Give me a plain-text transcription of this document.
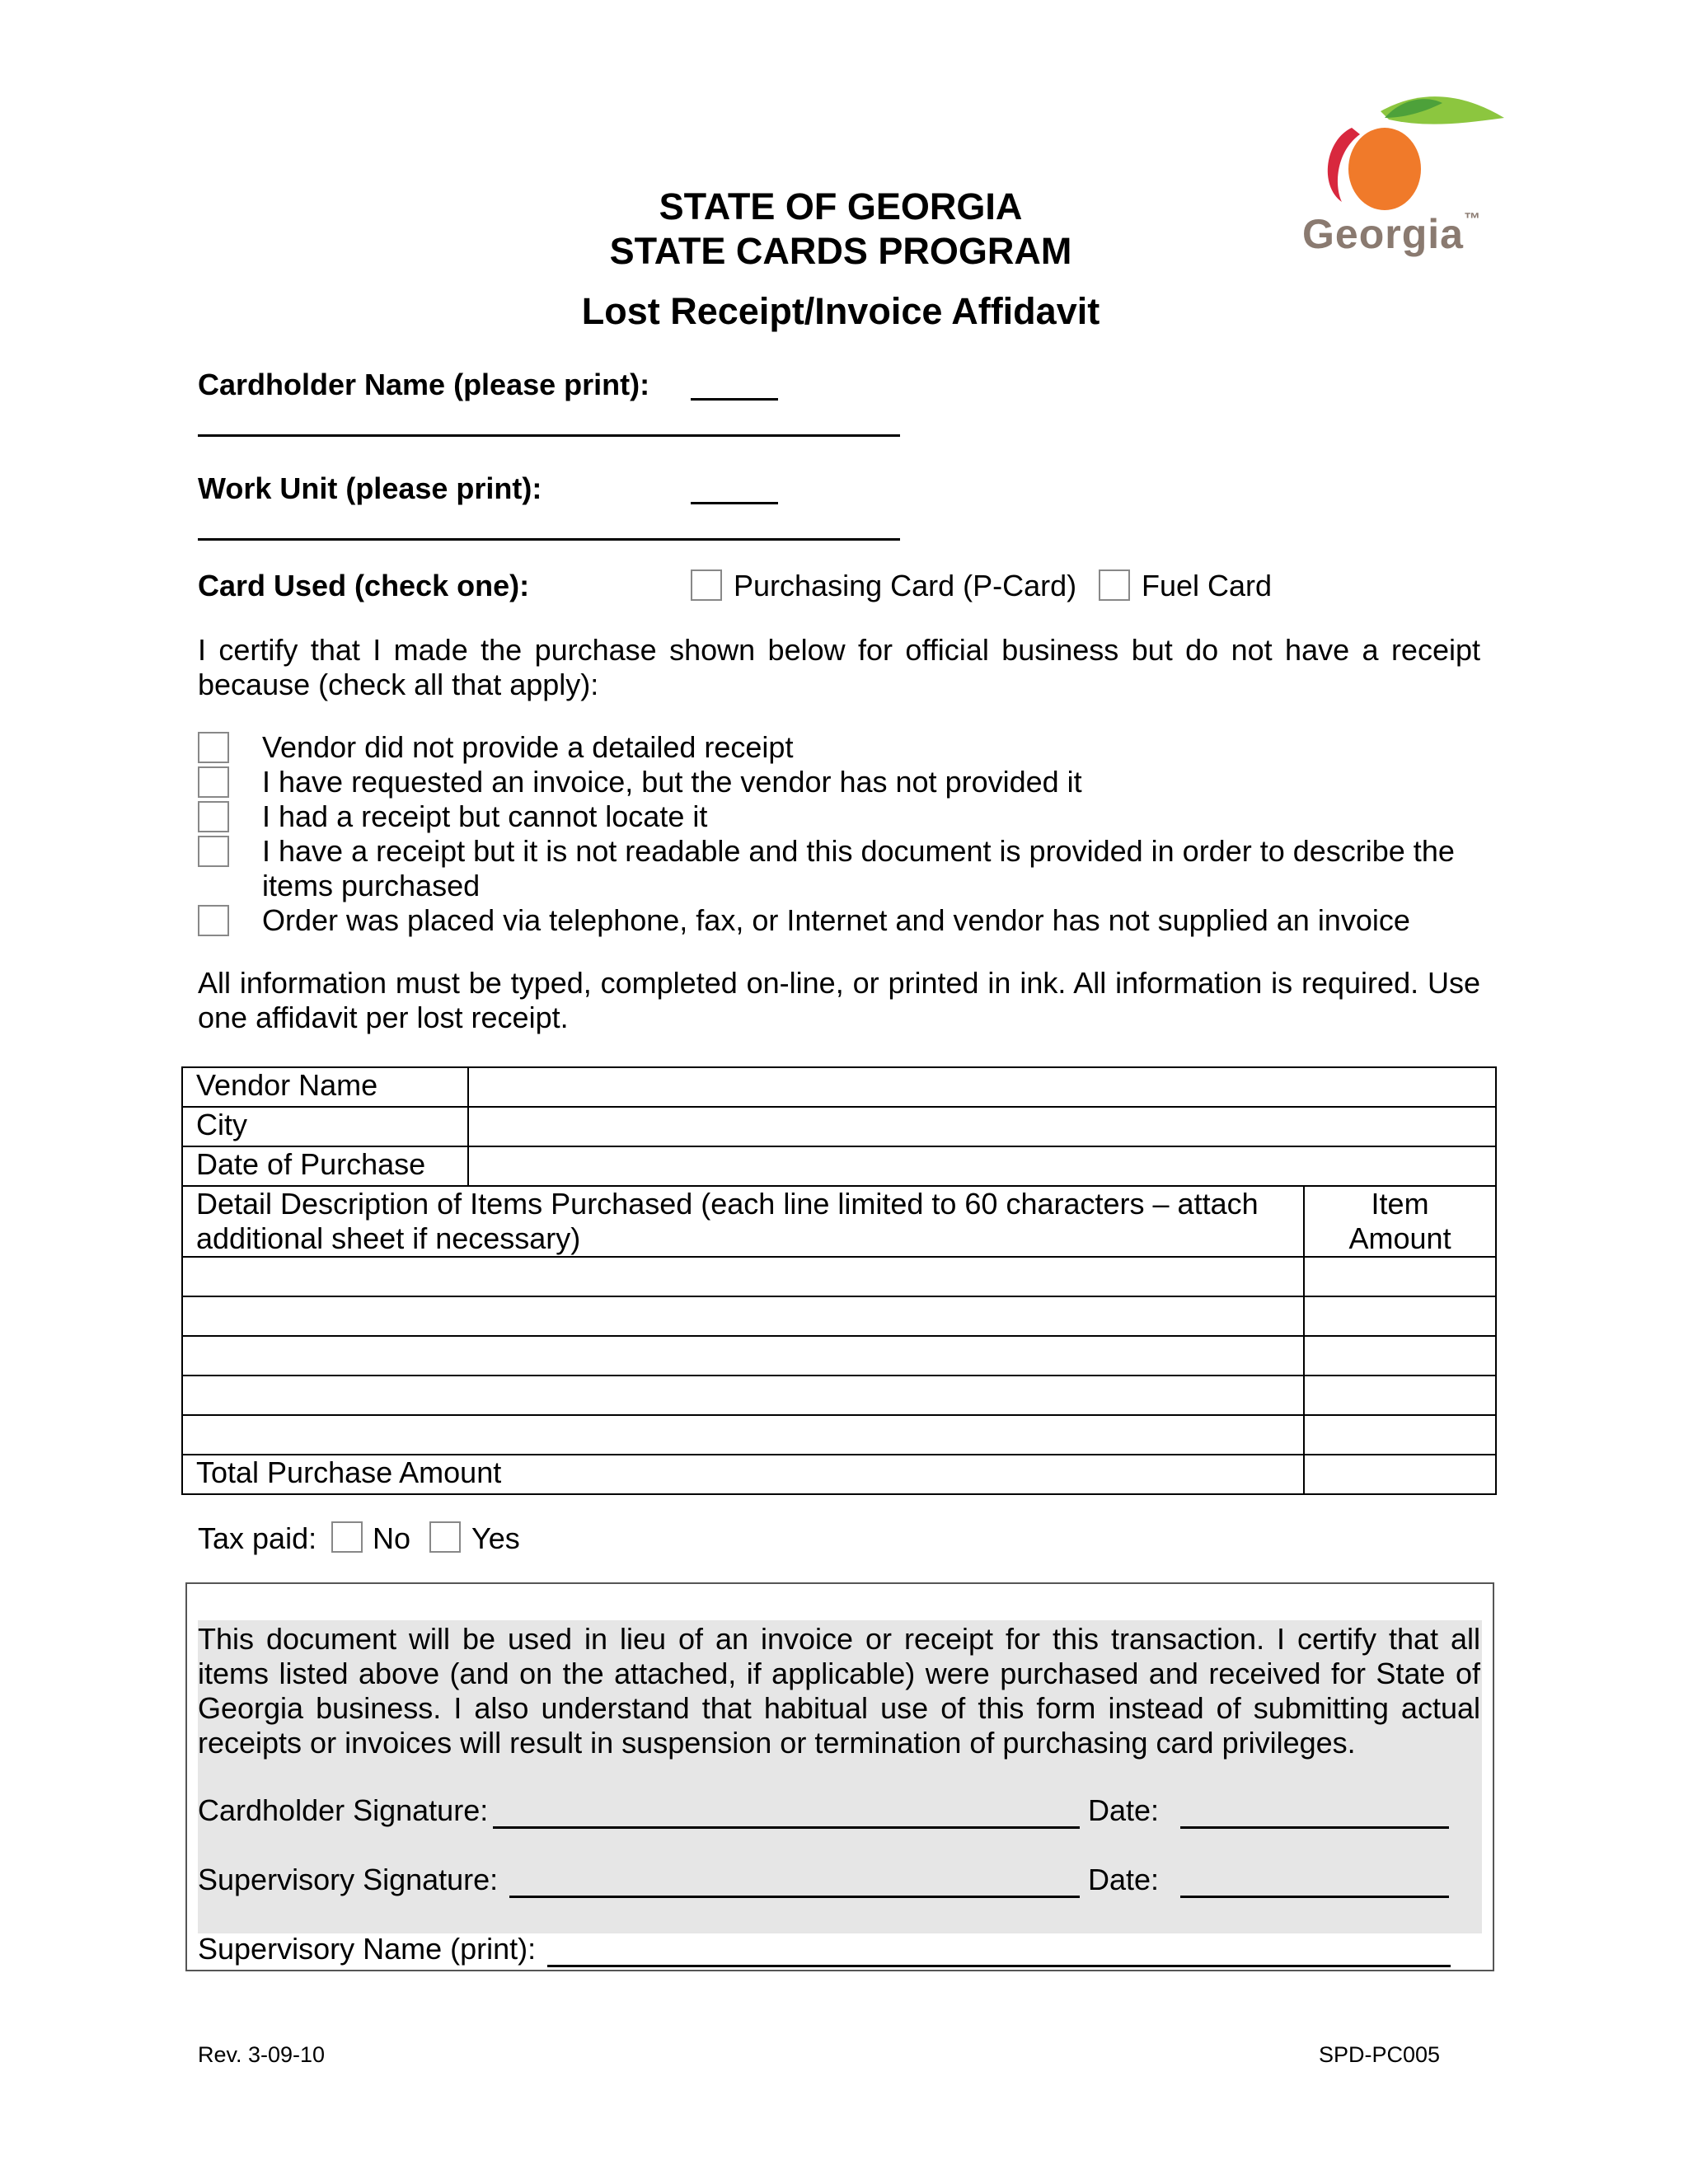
Georgia™
STATE OF GEORGIA
STATE CARDS PROGRAM
Lost Receipt/Invoice Affidavit
Cardholder Name (please print):
Work Unit (please print):
Card Used (check one):	Purchasing Card (P-Card) Fuel Card
I certify that I made the purchase shown below for official business but do not have a receipt because (check all that apply):
Vendor did not provide a detailed receipt
I have requested an invoice, but the vendor has not provided it
I had a receipt but cannot locate it
I have a receipt but it is not readable and this document is provided in order to describe the items purchased
Order was placed via telephone, fax, or Internet and vendor has not supplied an invoice
All information must be typed, completed on-line, or printed in ink. All information is required. Use one affidavit per lost receipt.
Vendor Name		
City		
Date of Purchase		
Detail Description of Items Purchased (each line limited to 60 characters – attach additional sheet if necessary)		Item Amount

Total Purchase Amount		
Tax paid: No Yes
This document will be used in lieu of an invoice or receipt for this transaction. I certify that all items listed above (and on the attached, if applicable) were purchased and received for State of Georgia business. I also understand that habitual use of this form instead of submitting actual receipts or invoices will result in suspension or termination of purchasing card privileges.
Cardholder Signature:	Date:
Supervisory Signature:	Date:
Supervisory Name (print):
Rev. 3-09-10	SPD-PC005
